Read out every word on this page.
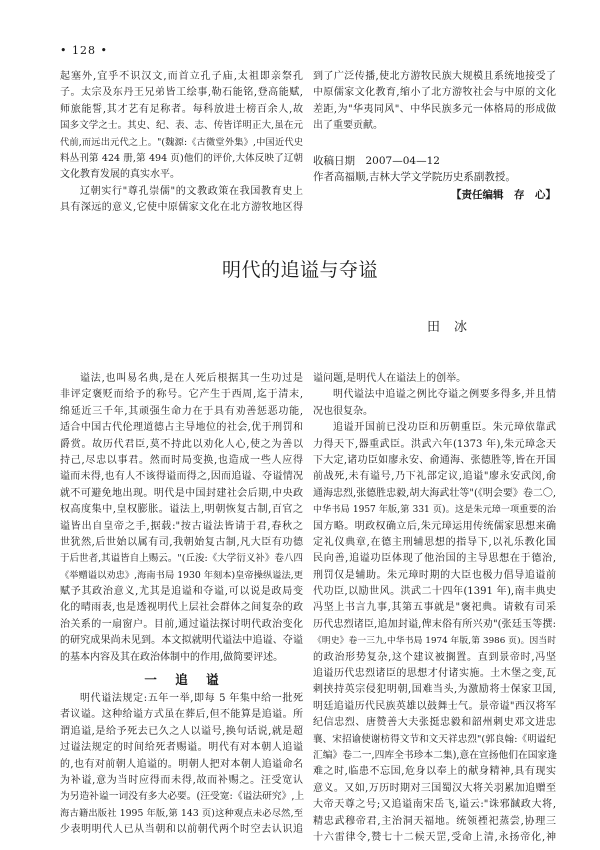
• 128 •
起塞外,宜乎不识汉文,而首立孔子庙,太祖即亲祭孔
子。太宗及东丹王兄弟皆工绘事,勒石能铭,登高能赋,
师旅能誓,其才艺有足称者。每科放进士榜百余人,故
国多文学之士。其史、纪、表、志、传皆详明正大,虽在元
代前,而远出元代之上。"(魏源:《古微堂外集》,中国近代史
料丛刊第 424 册,第 494 页)他们的评价,大体反映了辽朝
文化教育发展的真实水平。
辽朝实行"尊孔崇儒"的文教政策在我国教育史上
具有深远的意义,它使中原儒家文化在北方游牧地区得
到了广泛传播,使北方游牧民族大规模且系统地接受了
中原儒家文化教育,缩小了北方游牧社会与中原的文化
差距,为"华夷同风"、中华民族多元一体格局的形成做
出了重要贡献。
收稿日期　2007—04—12
作者高福顺,吉林大学文学院历史系副教授。
【责任编辑　存　心】
明代的追谥与夺谥
田冰
谥法,也叫易名典,是在人死后根据其一生功过是
非评定褒贬而给予的称号。它产生于西周,迄于清末,
绵延近三千年,其顽强生命力在于具有劝善惩恶功能,
适合中国古代伦理道德占主导地位的社会,优于刑罚和
爵赏。故历代君臣,莫不持此以劝化人心,使之为善以
持己,尽忠以事君。然而时局变换,也造成一些人应得
谥而未得,也有人不该得谥而得之,因而追谥、夺谥情况
就不可避免地出现。明代是中国封建社会后期,中央政
权高度集中,皇权膨胀。谥法上,明朝恢复古制,百官之
谥皆出自皇帝之手,据载:"按古谥法皆请于君,春秋之
世犹然,后世始以属有司,我朝始复古制,凡大臣有功德
于后世者,其谥皆自上赐云。"(丘浚:《大学衍义补》卷八四
《举赠谥以劝忠》,海南书局 1930 年刻本)皇帝操纵谥法,更
赋予其政治意义,尤其是追谥和夺谥,可以说是政局变
化的晴雨表,也是透视明代上层社会群体之间复杂的政
治关系的一扇窗户。目前,通过谥法探讨明代政治变化
的研究成果尚未见到。本文拟就明代谥法中追谥、夺谥
的基本内容及其在政治体制中的作用,做简要评述。
一 追 谥
明代谥法规定:五年一举,即每 5 年集中给一批死
者议谥。这种给谥方式虽在葬后,但不能算是追谥。所
谓追谥,是给予死去已久之人以谥号,换句话说,就是超
过谥法规定的时间给死者赐谥。明代有对本朝人追谥
的,也有对前朝人追谥的。明朝人把对本朝人追谥命名
为补谥,意为当时应得而未得,故而补赐之。汪受宽认
为另造补谥一词没有多大必要。(汪受宽:《谥法研究》,上
海古籍出版社 1995 年版,第 143 页)这种观点未必尽然,至
少表明明代人已从当朝和以前朝代两个时空去认识追
谥问题,是明代人在谥法上的创举。
明代谥法中追谥之例比夺谥之例要多得多,并且情
况也很复杂。
追谥开国前已没功臣和历朝重臣。朱元璋依靠武
力得天下,器重武臣。洪武六年(1373 年),朱元璋念天
下大定,诸功臣如廖永安、俞通海、张德胜等,皆在开国
前战死,未有谥号,乃下礼部定议,追谥"廖永安武闵,俞
通海忠烈,张德胜忠毅,胡大海武壮等"(《明会要》卷二〇,
中华书局 1957 年版,第 331 页)。这是朱元璋一项重要的治
国方略。明政权确立后,朱元璋运用传统儒家思想来确
定礼仪典章,在德主刑辅思想的指导下,以礼乐教化国
民向善,追谥功臣体现了他治国的主导思想在于德治,
刑罚仅是辅助。朱元璋时期的大臣也极力倡导追谥前
代功臣,以励世风。洪武二十四年(1391 年),南丰典史
冯坚上书言九事,其第五事就是"褒祀典。请敕有司采
历代忠烈诸臣,追加封谥,俾末俗有所兴劝"(张廷玉等撰:
《明史》卷一三九,中华书局 1974 年版,第 3986 页)。因当时
的政治形势复杂,这个建议被搁置。直到景帝时,冯坚
追谥历代忠烈诸臣的思想才付诸实施。土木堡之变,瓦
剌挟持英宗侵犯明朝,国难当头,为激励将士保家卫国,
明廷追谥历代民族英雄以鼓舞士气。景帝谥"西汉将军
纪信忠烈、唐赞善大夫张挺忠毅和韶州刺史邓文进忠
襄、宋招谕使谢枋得文节和文天祥忠烈"(郭良翰:《明谥纪
汇编》卷二一,四库全书珍本二集),意在宣扬他们在国家逢
难之时,临患不忘国,危身以奉上的献身精神,具有现实
意义。又如,万历时期对三国蜀汉大将关羽累加追赠至
大帝天尊之号;又追谥南宋岳飞,谥云:"诛邪馘政大将,
精忠武穆帝君,主治洞天福地。统领禋祀蒸尝,协理三
十六雷律令,赞七十二候天罡,受命上清,永扬帝化,神
